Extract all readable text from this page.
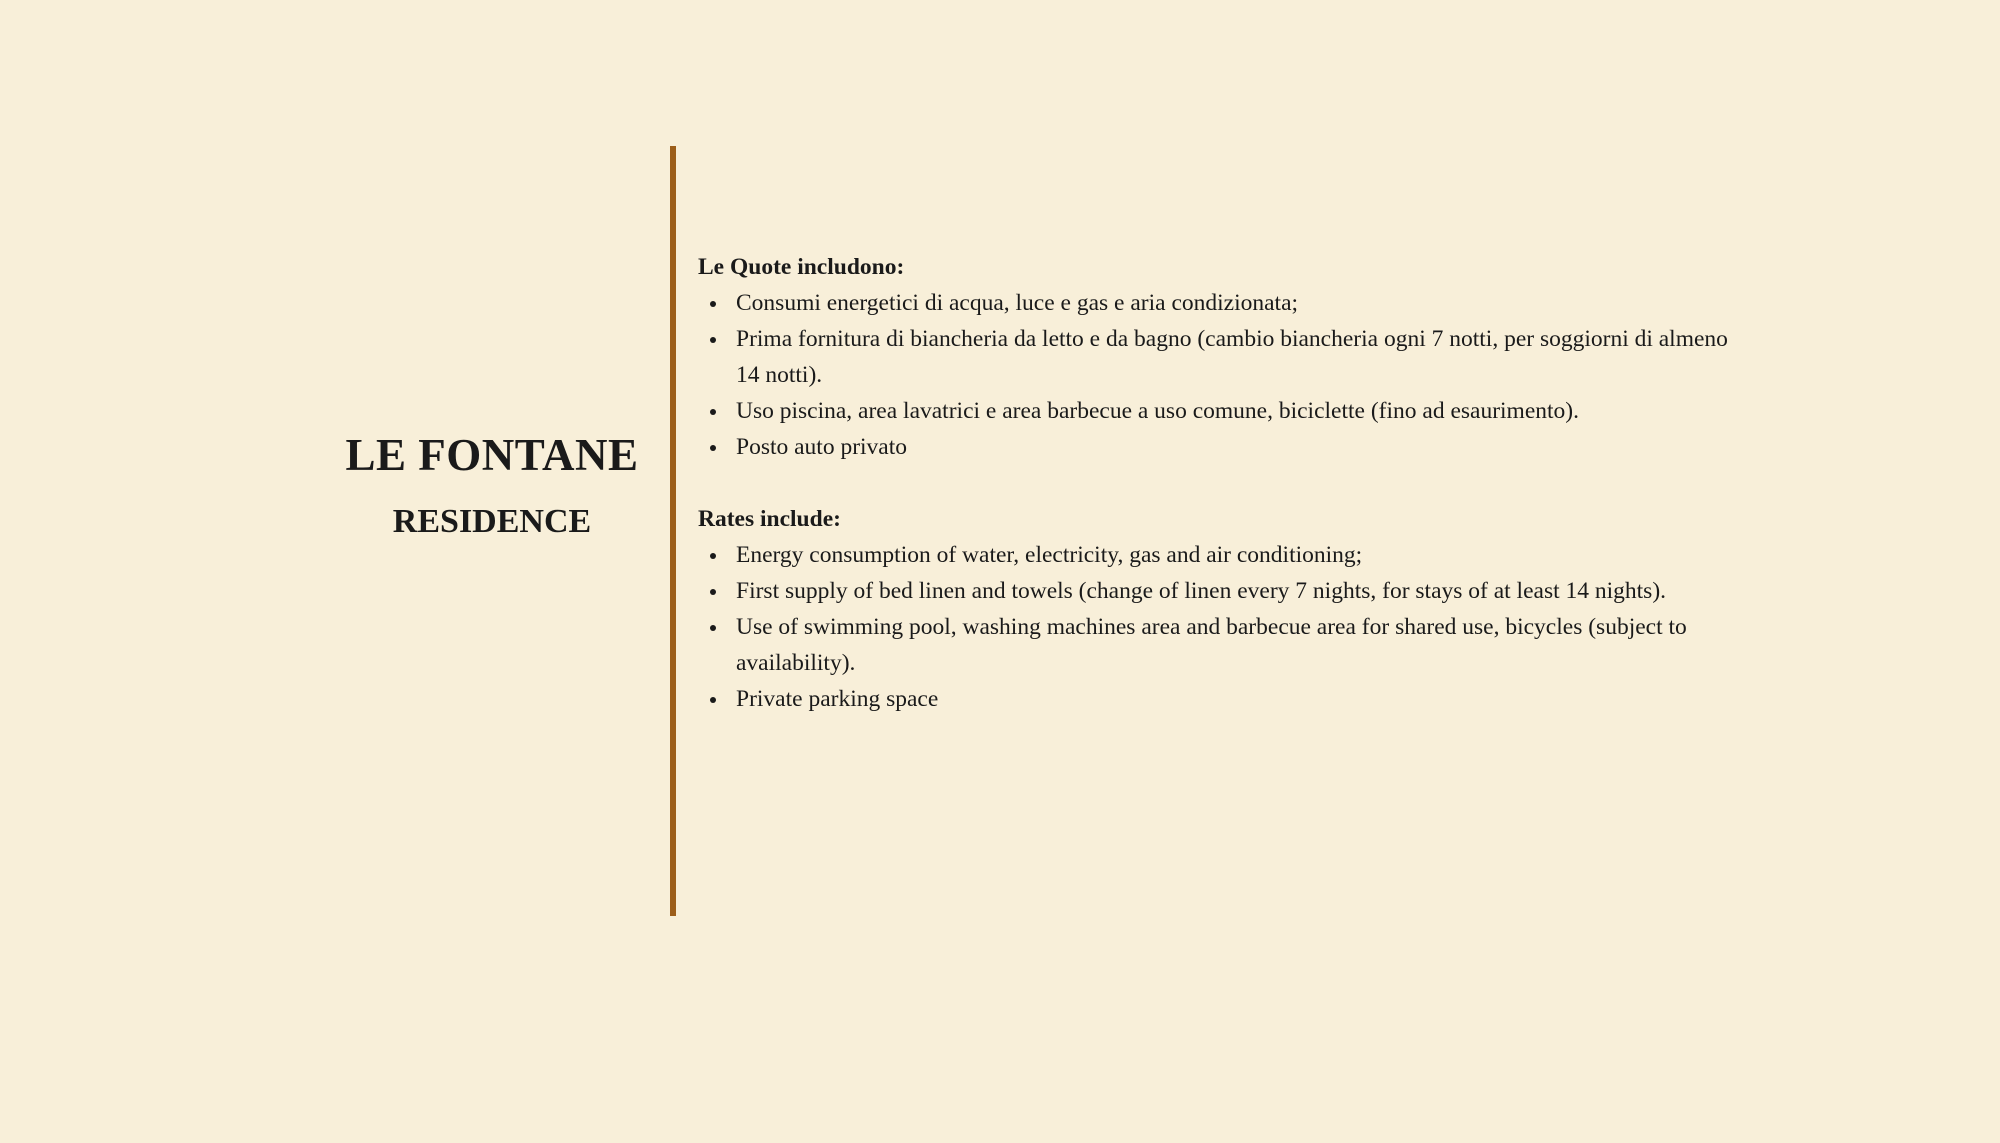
LE FONTANE
RESIDENCE

Le Quote includono:

Consumi energetici di acqua, luce e gas e aria condizionata;
Prima fornitura di biancheria da letto e da bagno (cambio biancheria ogni 7 notti, per soggiorni di almeno 14 notti).
Uso piscina, area lavatrici e area barbecue a uso comune, biciclette (fino ad esaurimento).
Posto auto privato

Rates include:

Energy consumption of water, electricity, gas and air conditioning;
First supply of bed linen and towels (change of linen every 7 nights, for stays of at least 14 nights).
Use of swimming pool, washing machines area and barbecue area for shared use, bicycles (subject to availability).
Private parking space
